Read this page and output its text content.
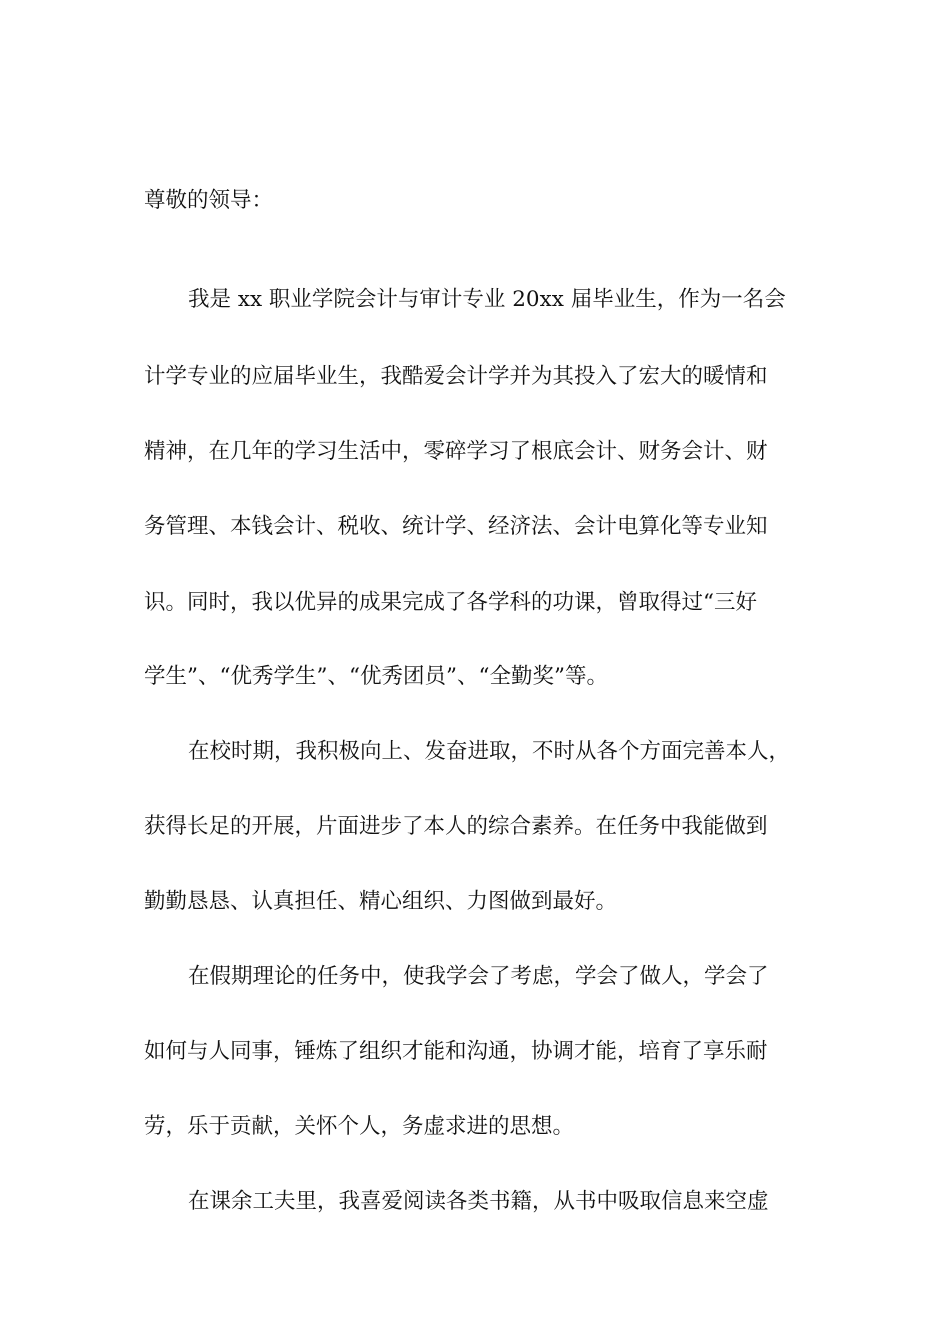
尊敬的领导：
我是 xx 职业学院会计与审计专业 20xx 届毕业生，作为一名会
计学专业的应届毕业生，我酷爱会计学并为其投入了宏大的暖情和
精神，在几年的学习生活中，零碎学习了根底会计、财务会计、财
务管理、本钱会计、税收、统计学、经济法、会计电算化等专业知
识。同时，我以优异的成果完成了各学科的功课，曾取得过“三好
学生”、“优秀学生”、“优秀团员”、“全勤奖”等。
在校时期，我积极向上、发奋进取，不时从各个方面完善本人，
获得长足的开展，片面进步了本人的综合素养。在任务中我能做到
勤勤恳恳、认真担任、精心组织、力图做到最好。
在假期理论的任务中，使我学会了考虑，学会了做人，学会了
如何与人同事，锤炼了组织才能和沟通，协调才能，培育了享乐耐
劳，乐于贡献，关怀个人，务虚求进的思想。
在课余工夫里，我喜爱阅读各类书籍，从书中吸取信息来空虚
